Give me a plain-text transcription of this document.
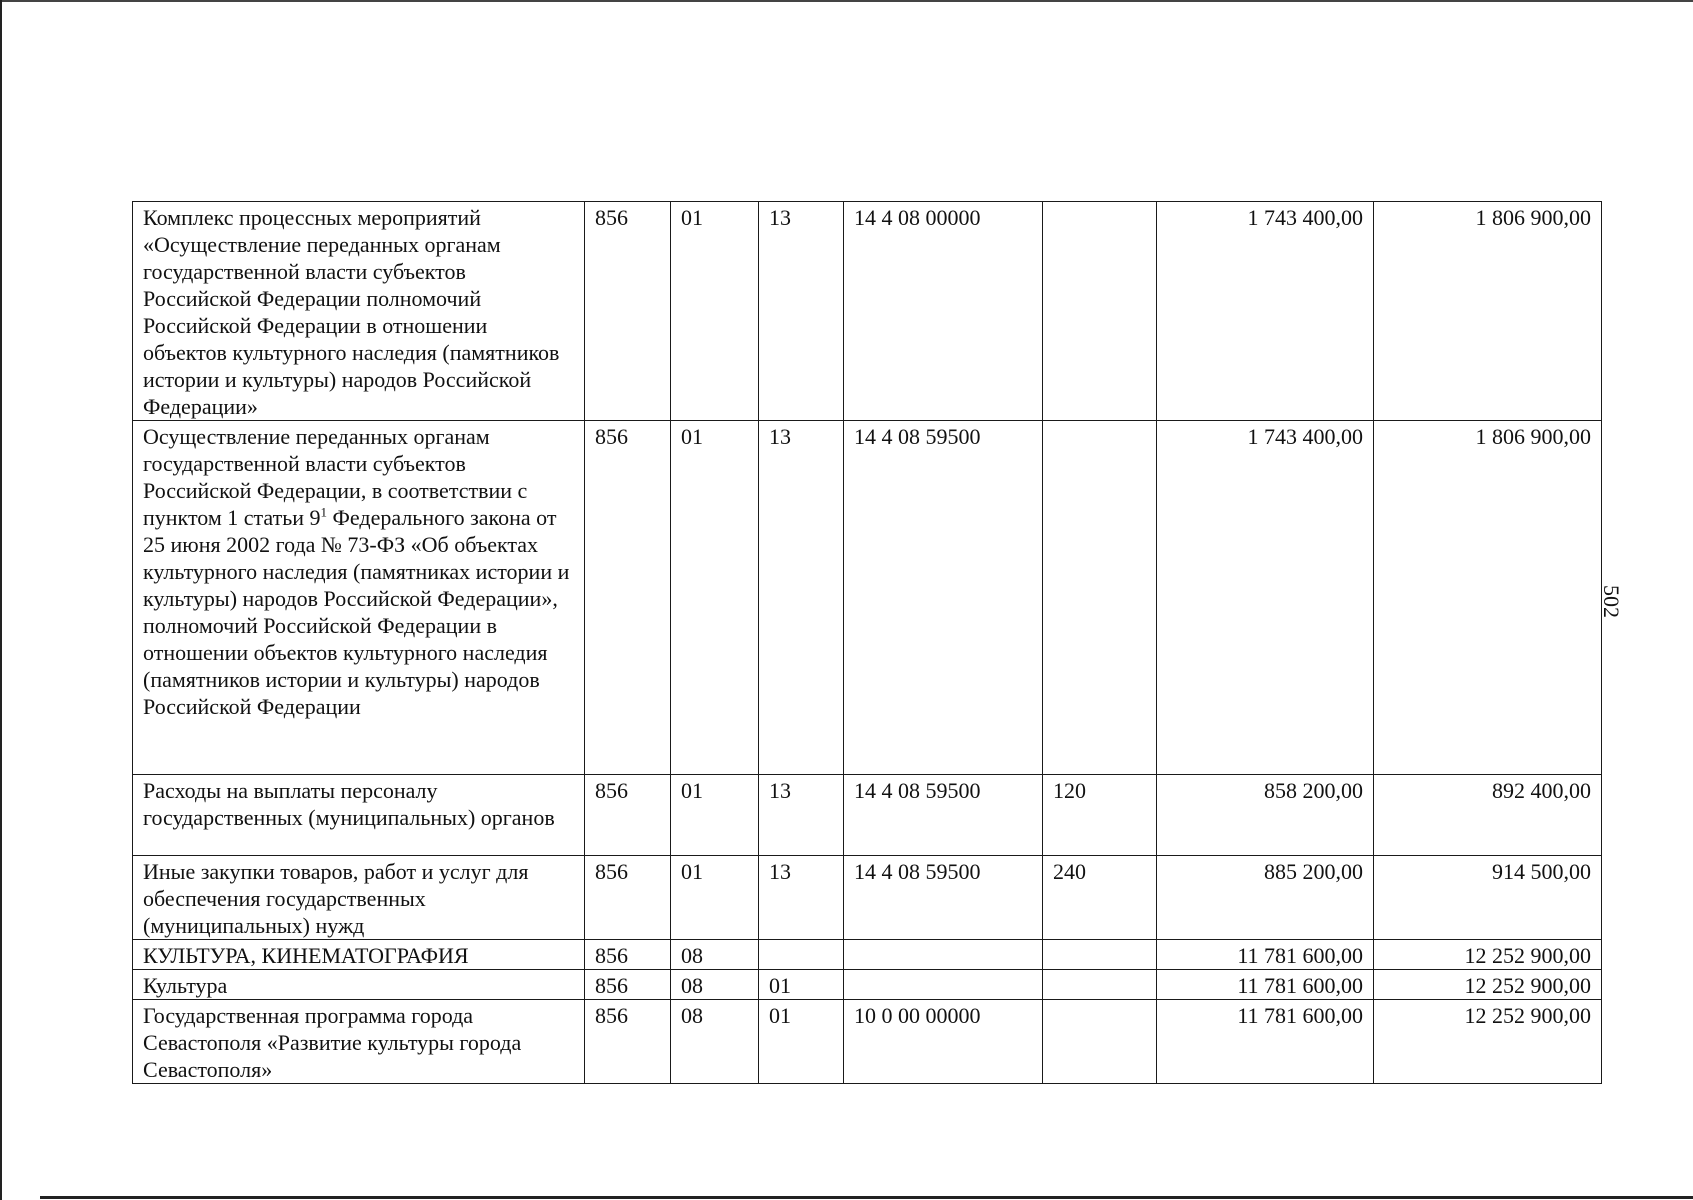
Комплекс процессных мероприятий «Осуществление переданных органам государственной власти субъектов Российской Федерации полномочий Российской Федерации в отношении объектов культурного наследия (памятников истории и культуры) народов Российской Федерации»	856	01	13	14 4 08 00000		1 743 400,00	1 806 900,00
Осуществление переданных органам государственной власти субъектов Российской Федерации, в соответствии с пунктом 1 статьи $9^1$ Федерального закона от 25 июня 2002 года № 73-ФЗ «Об объектах культурного наследия (памятниках истории и культуры) народов Российской Федерации», полномочий Российской Федерации в отношении объектов культурного наследия (памятников истории и культуры) народов Российской Федерации	856	01	13	14 4 08 59500		1 743 400,00	1 806 900,00
Расходы на выплаты персоналу государственных (муниципальных) органов	856	01	13	14 4 08 59500	120	858 200,00	892 400,00
Иные закупки товаров, работ и услуг для обеспечения государственных (муниципальных) нужд	856	01	13	14 4 08 59500	240	885 200,00	914 500,00
КУЛЬТУРА, КИНЕМАТОГРАФИЯ	856	08				11 781 600,00	12 252 900,00
Культура	856	08	01			11 781 600,00	12 252 900,00
Государственная программа города Севастополя «Развитие культуры города Севастополя»	856	08	01	10 0 00 00000		11 781 600,00	12 252 900,00
502
